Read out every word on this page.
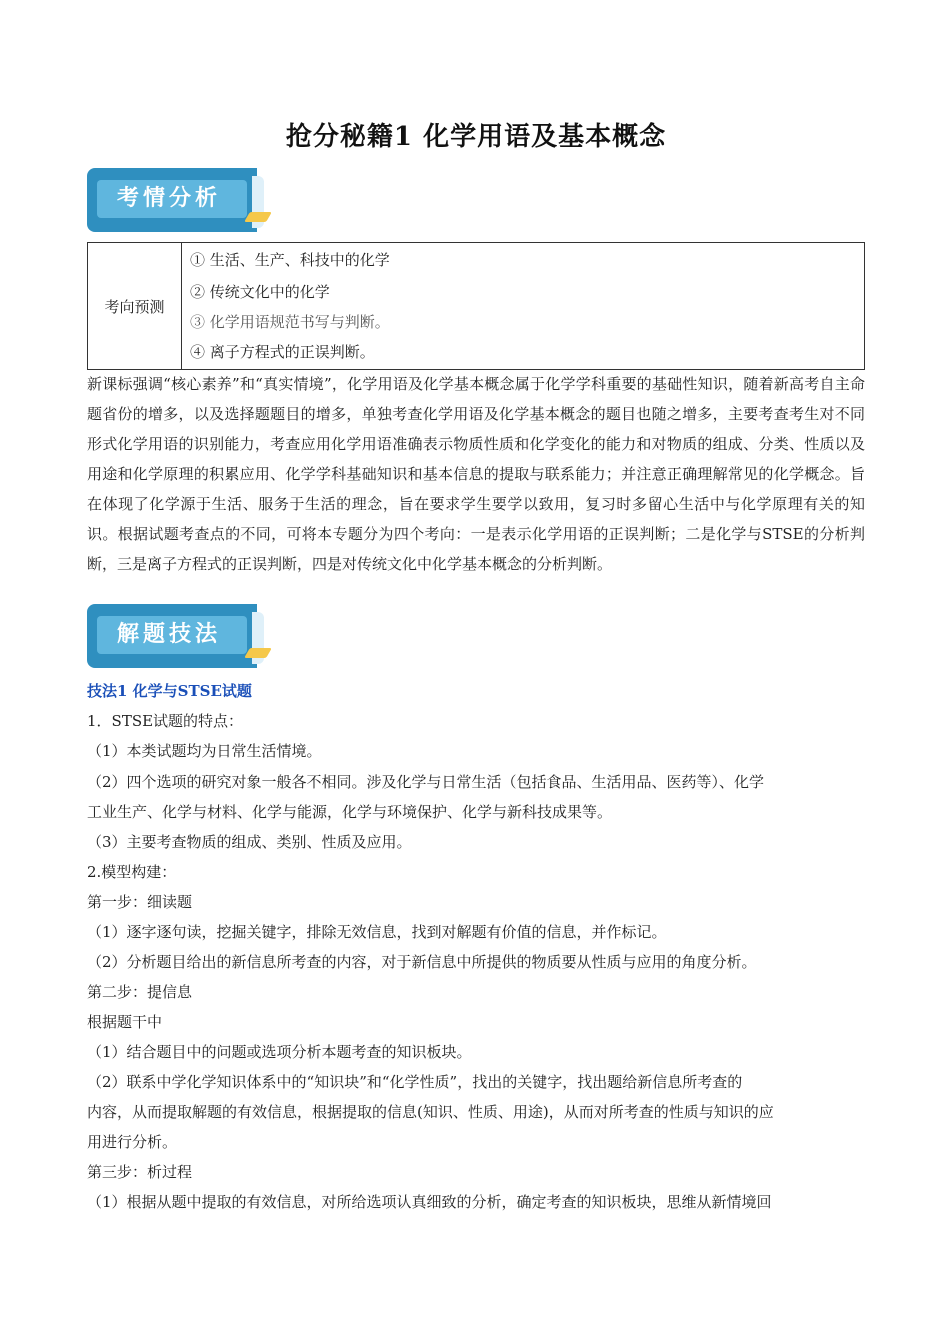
抢分秘籍1 化学用语及基本概念
考情分析
考向预测
① 生活、生产、科技中的化学
② 传统文化中的化学
③ 化学用语规范书写与判断。
④ 离子方程式的正误判断。
新课标强调“核心素养”和“真实情境”，化学用语及化学基本概念属于化学学科重要的基础性知识，随着新高考自主命题省份的增多，以及选择题题目的增多，单独考查化学用语及化学基本概念的题目也随之增多，主要考查考生对不同形式化学用语的识别能力，考查应用化学用语准确表示物质性质和化学变化的能力和对物质的组成、分类、性质以及用途和化学原理的积累应用、化学学科基础知识和基本信息的提取与联系能力；并注意正确理解常见的化学概念。旨在体现了化学源于生活、服务于生活的理念，旨在要求学生要学以致用，复习时多留心生活中与化学原理有关的知识。根据试题考查点的不同，可将本专题分为四个考向：一是表示化学用语的正误判断；二是化学与STSE的分析判断，三是离子方程式的正误判断，四是对传统文化中化学基本概念的分析判断。
解题技法
技法1 化学与STSE试题
1．STSE试题的特点：
（1）本类试题均为日常生活情境。
（2）四个选项的研究对象一般各不相同。涉及化学与日常生活（包括食品、生活用品、医药等）、化学
工业生产、化学与材料、化学与能源，化学与环境保护、化学与新科技成果等。
（3）主要考查物质的组成、类别、性质及应用。
2.模型构建：
第一步：细读题
（1）逐字逐句读，挖掘关键字，排除无效信息，找到对解题有价值的信息，并作标记。
（2）分析题目给出的新信息所考查的内容，对于新信息中所提供的物质要从性质与应用的角度分析。
第二步：提信息
根据题干中
（1）结合题目中的问题或选项分析本题考查的知识板块。
（2）联系中学化学知识体系中的“知识块”和“化学性质”，找出的关键字，找出题给新信息所考查的
内容，从而提取解题的有效信息，根据提取的信息(知识、性质、用途)，从而对所考查的性质与知识的应
用进行分析。
第三步：析过程
（1）根据从题中提取的有效信息，对所给选项认真细致的分析，确定考查的知识板块，思维从新情境回
